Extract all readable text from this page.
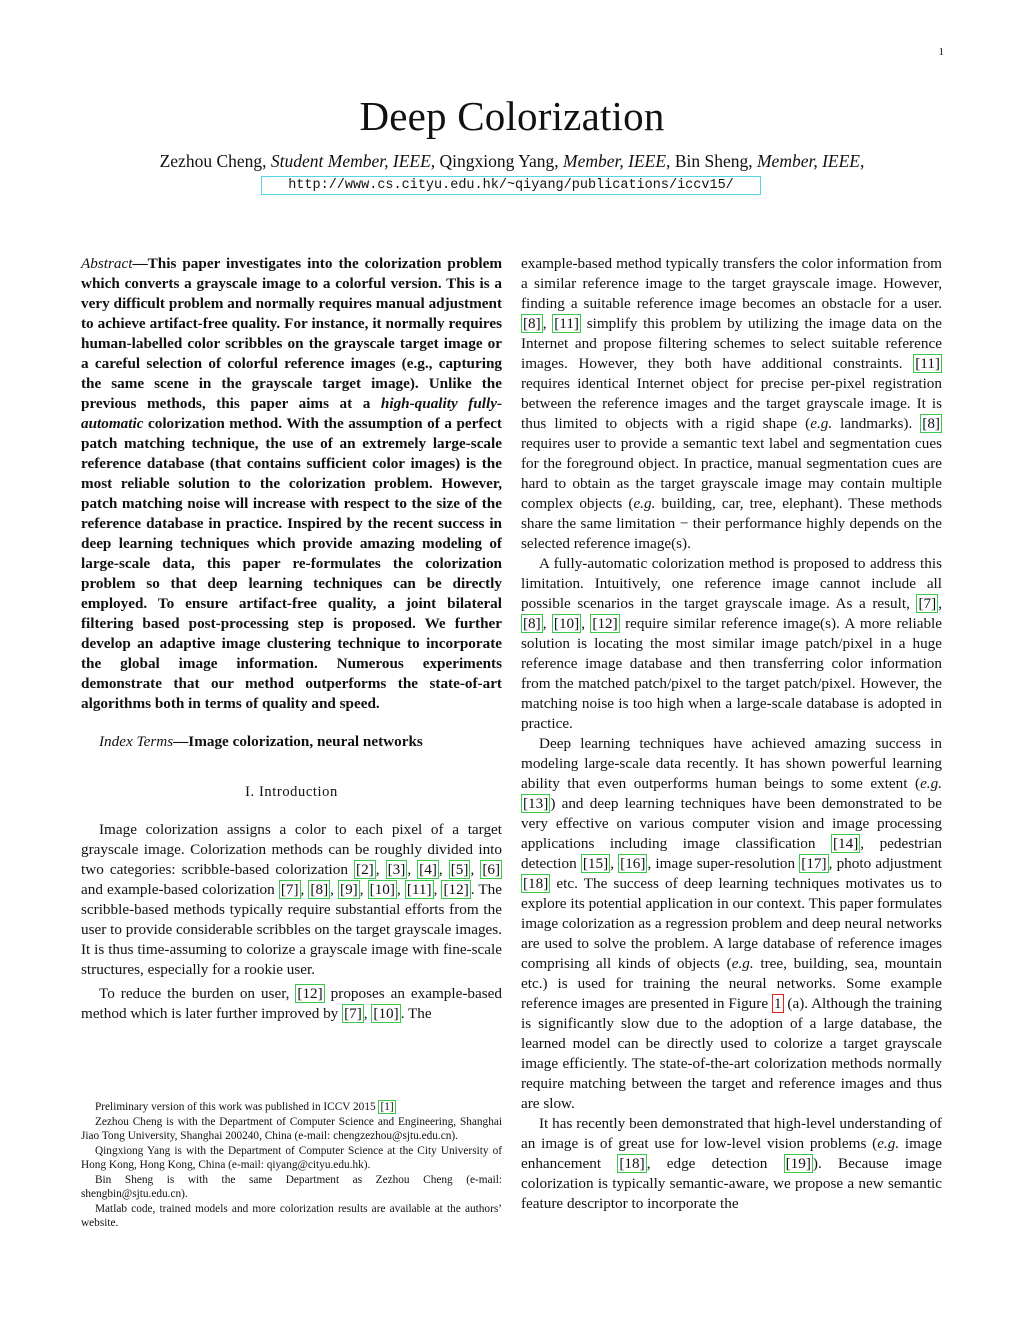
1
Deep Colorization
Zezhou Cheng, Student Member, IEEE, Qingxiong Yang, Member, IEEE, Bin Sheng, Member, IEEE,
http://www.cs.cityu.edu.hk/~qiyang/publications/iccv15/

Abstract—This paper investigates into the colorization problem which converts a grayscale image to a colorful version. This is a very difficult problem and normally requires manual adjustment to achieve artifact-free quality. For instance, it normally requires human-labelled color scribbles on the grayscale target image or a careful selection of colorful reference images (e.g., capturing the same scene in the grayscale target image). Unlike the previous methods, this paper aims at a high-quality fully-automatic colorization method. With the assumption of a perfect patch matching technique, the use of an extremely large-scale reference database (that contains sufficient color images) is the most reliable solution to the colorization problem. However, patch matching noise will increase with respect to the size of the reference database in practice. Inspired by the recent success in deep learning techniques which provide amazing modeling of large-scale data, this paper re-formulates the colorization problem so that deep learning techniques can be directly employed. To ensure artifact-free quality, a joint bilateral filtering based post-processing step is proposed. We further develop an adaptive image clustering technique to incorporate the global image information. Numerous experiments demonstrate that our method outperforms the state-of-art algorithms both in terms of quality and speed.

Index Terms—Image colorization, neural networks

I. Introduction

Image colorization assigns a color to each pixel of a target grayscale image. Colorization methods can be roughly divided into two categories: scribble-based colorization [2] , [3] , [4] , [5] , [6] and example-based colorization [7] , [8] , [9] , [10] , [11] , [12] . The scribble-based methods typically require substantial efforts from the user to provide considerable scribbles on the target grayscale images. It is thus time-assuming to colorize a grayscale image with fine-scale structures, especially for a rookie user.

To reduce the burden on user, [12] proposes an example-based method which is later further improved by [7] , [10] . The

Preliminary version of this work was published in ICCV 2015 [1]

Zezhou Cheng is with the Department of Computer Science and Engineering, Shanghai Jiao Tong University, Shanghai 200240, China (e-mail: chengzezhou@sjtu.edu.cn).

Qingxiong Yang is with the Department of Computer Science at the City University of Hong Kong, Hong Kong, China (e-mail: qiyang@cityu.edu.hk).

Bin Sheng is with the same Department as Zezhou Cheng (e-mail: shengbin@sjtu.edu.cn).

Matlab code, trained models and more colorization results are available at the authors’ website.

example-based method typically transfers the color information from a similar reference image to the target grayscale image. However, finding a suitable reference image becomes an obstacle for a user. [8] , [11] simplify this problem by utilizing the image data on the Internet and propose filtering schemes to select suitable reference images. However, they both have additional constraints. [11] requires identical Internet object for precise per-pixel registration between the reference images and the target grayscale image. It is thus limited to objects with a rigid shape (e.g. landmarks). [8] requires user to provide a semantic text label and segmentation cues for the foreground object. In practice, manual segmentation cues are hard to obtain as the target grayscale image may contain multiple complex objects (e.g. building, car, tree, elephant). These methods share the same limitation − their performance highly depends on the selected reference image(s).

A fully-automatic colorization method is proposed to address this limitation. Intuitively, one reference image cannot include all possible scenarios in the target grayscale image. As a result, [7] , [8] , [10] , [12] require similar reference image(s). A more reliable solution is locating the most similar image patch/pixel in a huge reference image database and then transferring color information from the matched patch/pixel to the target patch/pixel. However, the matching noise is too high when a large-scale database is adopted in practice.

Deep learning techniques have achieved amazing success in modeling large-scale data recently. It has shown powerful learning ability that even outperforms human beings to some extent (e.g. [13] ) and deep learning techniques have been demonstrated to be very effective on various computer vision and image processing applications including image classification [14] , pedestrian detection [15] , [16] , image super-resolution [17] , photo adjustment [18] etc. The success of deep learning techniques motivates us to explore its potential application in our context. This paper formulates image colorization as a regression problem and deep neural networks are used to solve the problem. A large database of reference images comprising all kinds of objects (e.g. tree, building, sea, mountain etc.) is used for training the neural networks. Some example reference images are presented in Figure 1 (a). Although the training is significantly slow due to the adoption of a large database, the learned model can be directly used to colorize a target grayscale image efficiently. The state-of-the-art colorization methods normally require matching between the target and reference images and thus are slow.

It has recently been demonstrated that high-level understanding of an image is of great use for low-level vision problems (e.g. image enhancement [18] , edge detection [19] ). Because image colorization is typically semantic-aware, we propose a new semantic feature descriptor to incorporate the
